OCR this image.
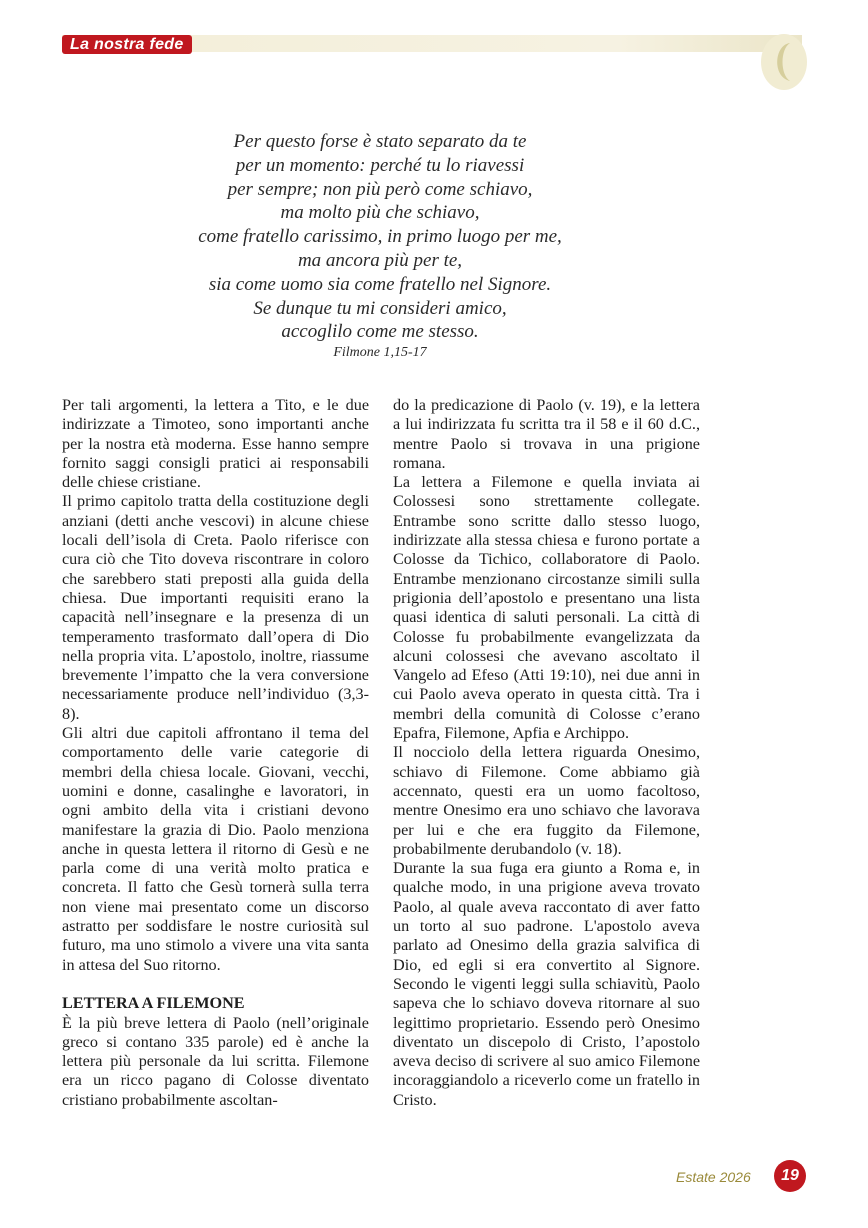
La nostra fede
Per questo forse è stato separato da te
per un momento: perché tu lo riavessi
per sempre; non più però come schiavo,
ma molto più che schiavo,
come fratello carissimo, in primo luogo per me,
ma ancora più per te,
sia come uomo sia come fratello nel Signore.
Se dunque tu mi consideri amico,
accoglilo come me stesso.
Filmone 1,15-17

Per tali argomenti, la lettera a Tito, e le due indirizzate a Timoteo, sono importanti anche per la nostra età moderna. Esse hanno sempre fornito saggi consigli pratici ai responsabili delle chiese cristiane.

Il primo capitolo tratta della costituzione degli anziani (detti anche vescovi) in alcune chiese locali dell’isola di Creta. Paolo riferisce con cura ciò che Tito doveva riscontrare in coloro che sarebbero stati preposti alla guida della chiesa. Due importanti requisiti erano la capacità nell’insegnare e la presenza di un temperamento trasformato dall’opera di Dio nella propria vita. L’apostolo, inoltre, riassume brevemente l’impatto che la vera conversione necessariamente produce nell’individuo (3,3-8).

Gli altri due capitoli affrontano il tema del comportamento delle varie categorie di membri della chiesa locale. Giovani, vecchi, uomini e donne, casalinghe e lavoratori, in ogni ambito della vita i cristiani devono manifestare la grazia di Dio. Paolo menziona anche in questa lettera il ritorno di Gesù e ne parla come di una verità molto pratica e concreta. Il fatto che Gesù tornerà sulla terra non viene mai presentato come un discorso astratto per soddisfare le nostre curiosità sul futuro, ma uno stimolo a vivere una vita santa in attesa del Suo ritorno.

LETTERA A FILEMONE

È la più breve lettera di Paolo (nell’originale greco si contano 335 parole) ed è anche la lettera più personale da lui scritta. Filemone era un ricco pagano di Colosse diventato cristiano probabilmente ascoltan-

do la predicazione di Paolo (v. 19), e la lettera a lui indirizzata fu scritta tra il 58 e il 60 d.C., mentre Paolo si trovava in una prigione romana.

La lettera a Filemone e quella inviata ai Colossesi sono strettamente collegate. Entrambe sono scritte dallo stesso luogo, indirizzate alla stessa chiesa e furono portate a Colosse da Tichico, collaboratore di Paolo. Entrambe menzionano circostanze simili sulla prigionia dell’apostolo e presentano una lista quasi identica di saluti personali. La città di Colosse fu probabilmente evangelizzata da alcuni colossesi che avevano ascoltato il Vangelo ad Efeso (Atti 19:10), nei due anni in cui Paolo aveva operato in questa città. Tra i membri della comunità di Colosse c’erano Epafra, Filemone, Apfia e Archippo.

Il nocciolo della lettera riguarda Onesimo, schiavo di Filemone. Come abbiamo già accennato, questi era un uomo facoltoso, mentre Onesimo era uno schiavo che lavorava per lui e che era fuggito da Filemone, probabilmente derubandolo (v. 18).

Durante la sua fuga era giunto a Roma e, in qualche modo, in una prigione aveva trovato Paolo, al quale aveva raccontato di aver fatto un torto al suo padrone. L'apostolo aveva parlato ad Onesimo della grazia salvifica di Dio, ed egli si era convertito al Signore. Secondo le vigenti leggi sulla schiavitù, Paolo sapeva che lo schiavo doveva ritornare al suo legittimo proprietario. Essendo però Onesimo diventato un discepolo di Cristo, l’apostolo aveva deciso di scrivere al suo amico Filemone incoraggiandolo a riceverlo come un fratello in Cristo.

Estate 2026	19
